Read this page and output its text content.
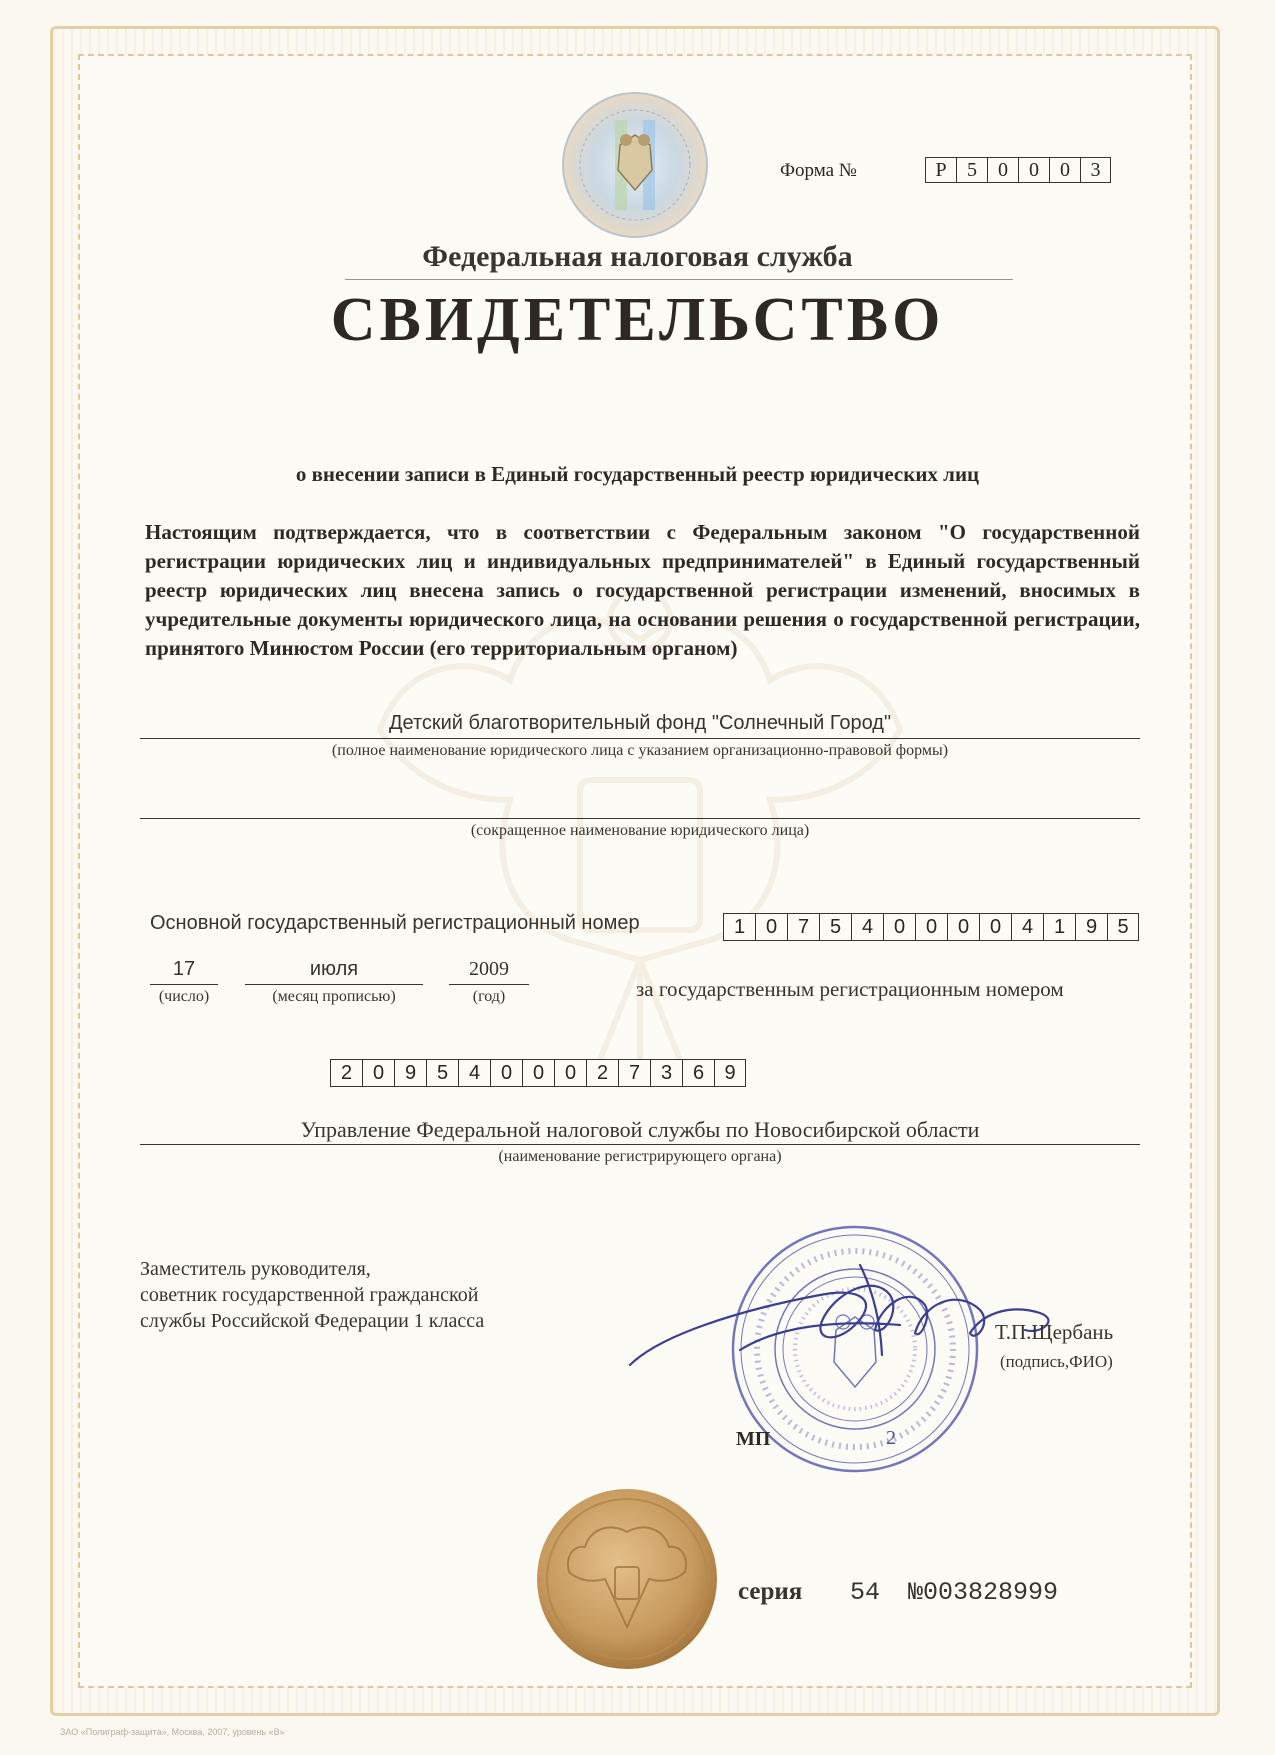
Форма №	Р	5	0	0	0	3
Федеральная налоговая служба
СВИДЕТЕЛЬСТВО
о внесении записи в Единый государственный реестр юридических лиц
Настоящим подтверждается, что в соответствии с Федеральным законом "О государственной регистрации юридических лиц и индивидуальных предпринимателей" в Единый государственный реестр юридических лиц внесена запись о государственной регистрации изменений, вносимых в учредительные документы юридического лица, на основании решения о государственной регистрации, принятого Минюстом России (его территориальным органом)
Детский благотворительный фонд "Солнечный Город"
(полное наименование юридического лица с указанием организационно-правовой формы)
(сокращенное наименование юридического лица)
Основной государственный регистрационный номер	1	0	7	5	4	0	0	0	0	4	1	9	5
17
(число)
июля
(месяц прописью)
2009
(год)	за государственным регистрационным номером
2	0	9	5	4	0	0	0	2	7	3	6	9
Управление Федеральной налоговой службы по Новосибирской области
(наименование регистрирующего органа)
Заместитель руководителя,
советник государственной гражданской
службы Российской Федерации 1 класса
2
Т.П.Щербань
(подпись,ФИО)
МП
серия 54 №003828999
ЗАО «Полиграф-защита», Москва, 2007, уровень «В»
